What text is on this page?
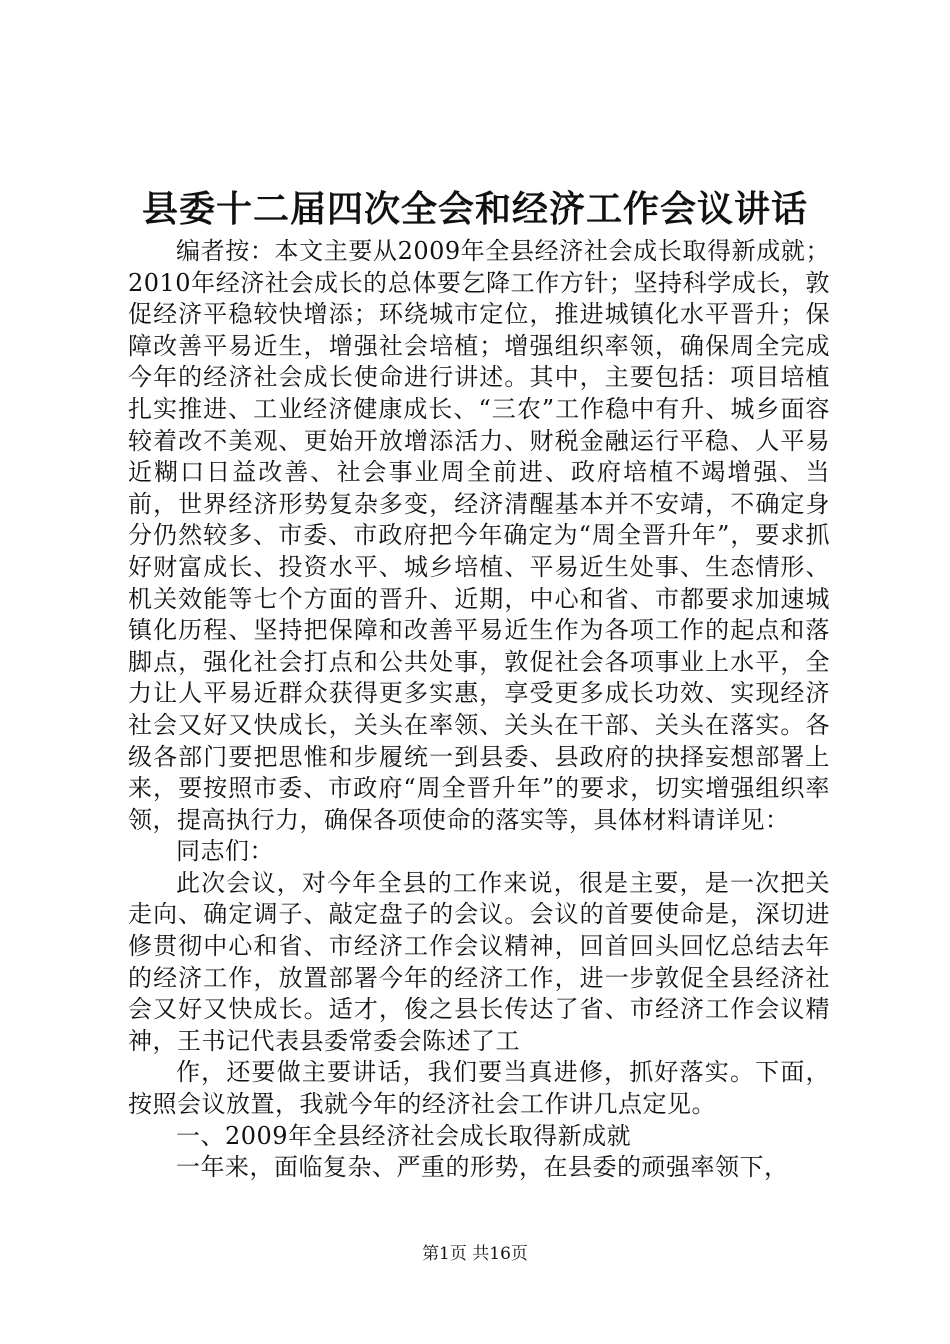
县委十二届四次全会和经济工作会议讲话

编者按：本文主要从2009年全县经济社会成长取得新成就；2010年经济社会成长的总体要乞降工作方针；坚持科学成长，敦促经济平稳较快增添；环绕城市定位，推进城镇化水平晋升；保障改善平易近生，增强社会培植；增强组织率领，确保周全完成今年的经济社会成长使命进行讲述。其中，主要包括：项目培植扎实推进、工业经济健康成长、“三农”工作稳中有升、城乡面容较着改不美观、更始开放增添活力、财税金融运行平稳、人平易近糊口日益改善、社会事业周全前进、政府培植不竭增强、当前，世界经济形势复杂多变，经济清醒基本并不安靖，不确定身分仍然较多、市委、市政府把今年确定为“周全晋升年”，要求抓好财富成长、投资水平、城乡培植、平易近生处事、生态情形、机关效能等七个方面的晋升、近期，中心和省、市都要求加速城镇化历程、坚持把保障和改善平易近生作为各项工作的起点和落脚点，强化社会打点和公共处事，敦促社会各项事业上水平，全力让人平易近群众获得更多实惠，享受更多成长功效、实现经济社会又好又快成长，关头在率领、关头在干部、关头在落实。各级各部门要把思惟和步履统一到县委、县政府的抉择妄想部署上来，要按照市委、市政府“周全晋升年”的要求，切实增强组织率领，提高执行力，确保各项使命的落实等，具体材料请详见：

同志们：

此次会议，对今年全县的工作来说，很是主要，是一次把关走向、确定调子、敲定盘子的会议。会议的首要使命是，深切进修贯彻中心和省、市经济工作会议精神，回首回头回忆总结去年的经济工作，放置部署今年的经济工作，进一步敦促全县经济社会又好又快成长。适才，俊之县长传达了省、市经济工作会议精神，王书记代表县委常委会陈述了工

作，还要做主要讲话，我们要当真进修，抓好落实。下面，按照会议放置，我就今年的经济社会工作讲几点定见。

一、2009年全县经济社会成长取得新成就

一年来，面临复杂、严重的形势，在县委的顽强率领下，

第1页 共16页
